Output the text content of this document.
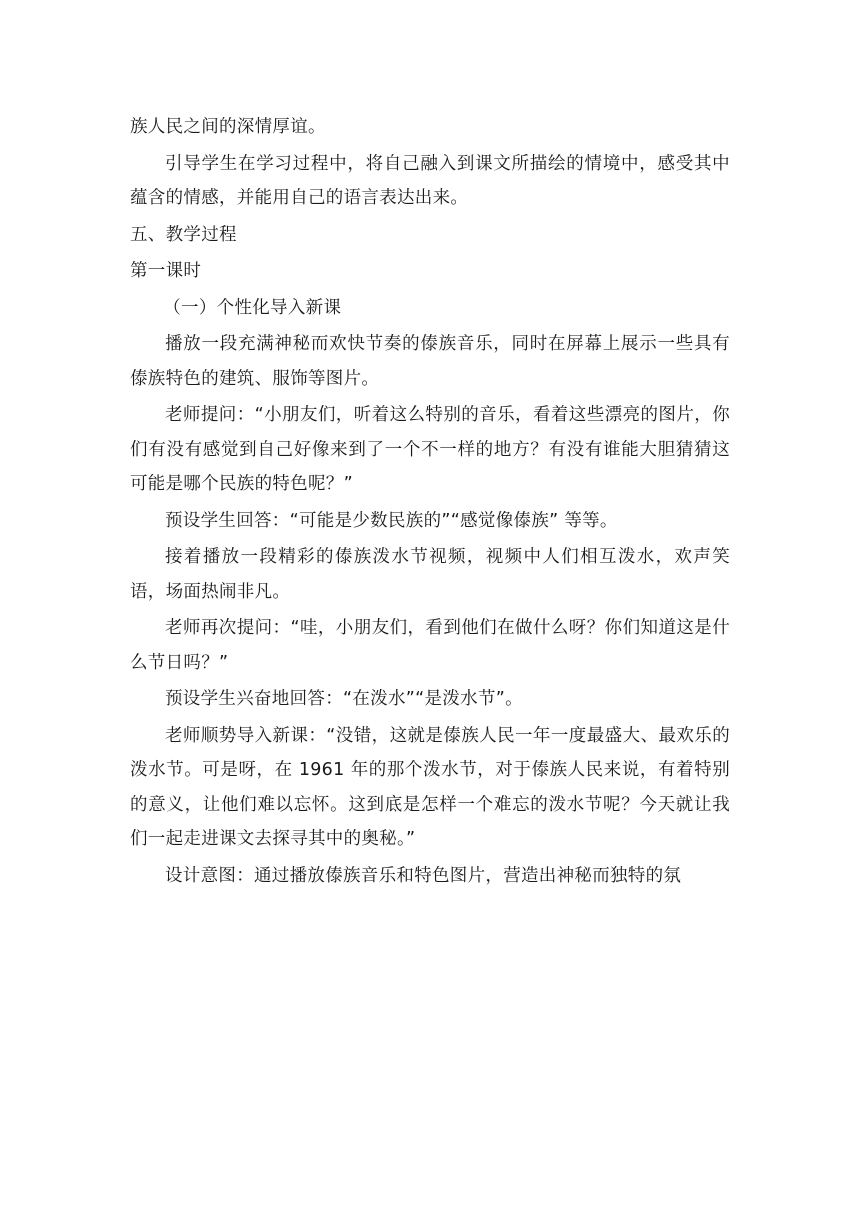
族人民之间的深情厚谊。

引导学生在学习过程中，将自己融入到课文所描绘的情境中，感受其中蕴含的情感，并能用自己的语言表达出来。

五、教学过程

第一课时

（一）个性化导入新课

播放一段充满神秘而欢快节奏的傣族音乐，同时在屏幕上展示一些具有傣族特色的建筑、服饰等图片。

老师提问：“小朋友们，听着这么特别的音乐，看着这些漂亮的图片，你们有没有感觉到自己好像来到了一个不一样的地方？有没有谁能大胆猜猜这可能是哪个民族的特色呢？”

预设学生回答：“可能是少数民族的”“感觉像傣族” 等等。

接着播放一段精彩的傣族泼水节视频，视频中人们相互泼水，欢声笑语，场面热闹非凡。

老师再次提问：“哇，小朋友们，看到他们在做什么呀？你们知道这是什么节日吗？”

预设学生兴奋地回答：“在泼水”“是泼水节”。

老师顺势导入新课：“没错，这就是傣族人民一年一度最盛大、最欢乐的泼水节。可是呀，在 1961 年的那个泼水节，对于傣族人民来说，有着特别的意义，让他们难以忘怀。这到底是怎样一个难忘的泼水节呢？今天就让我们一起走进课文去探寻其中的奥秘。”

设计意图：通过播放傣族音乐和特色图片，营造出神秘而独特的氛
